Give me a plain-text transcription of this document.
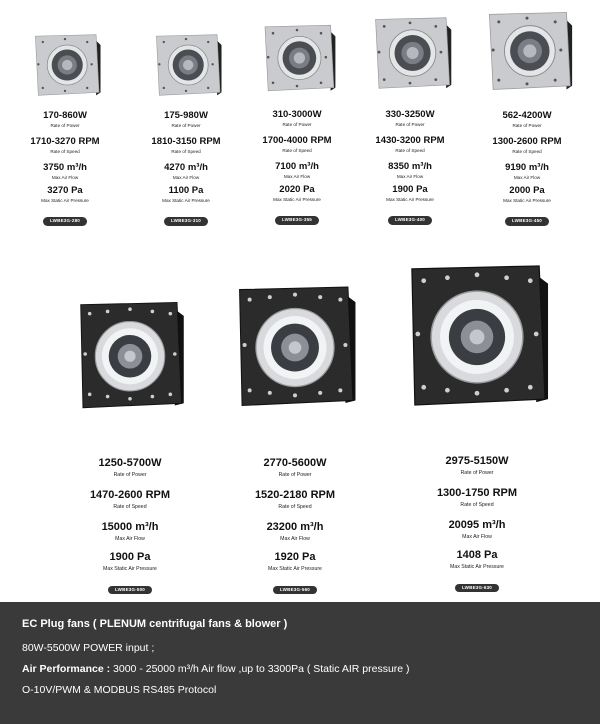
170-860W

Rate of Power

1710-3270 RPM

Rate of Speed

3750 m³/h

Max Air Flow

3270 Pa

Max Static Air Pressure

LWBE3G-280

175-980W

Rate of Power

1810-3150 RPM

Rate of Speed

4270 m³/h

Max Air Flow

1100 Pa

Max Static Air Pressure

LWBE3G-310

310-3000W

Rate of Power

1700-4000 RPM

Rate of Speed

7100 m³/h

Max Air Flow

2020 Pa

Max Static Air Pressure

LWBE3G-355

330-3250W

Rate of Power

1430-3200 RPM

Rate of Speed

8350 m³/h

Max Air Flow

1900 Pa

Max Static Air Pressure

LWBE3G-400

562-4200W

Rate of Power

1300-2600 RPM

Rate of Speed

9190 m³/h

Max Air Flow

2000 Pa

Max Static Air Pressure

LWBE3G-450

1250-5700W

Rate of Power

1470-2600 RPM

Rate of Speed

15000 m³/h

Max Air Flow

1900 Pa

Max Static Air Pressure

LWBE3G-500

2770-5600W

Rate of Power

1520-2180 RPM

Rate of Speed

23200 m³/h

Max Air Flow

1920 Pa

Max Static Air Pressure

LWBE3G-560

2975-5150W

Rate of Power

1300-1750 RPM

Rate of Speed

20095 m³/h

Max Air Flow

1408 Pa

Max Static Air Pressure

LWBE3G-630

EC Plug fans ( PLENUM centrifugal fans & blower )

80W-5500W POWER input ;

Air Performance : 3000 - 25000 m³/h Air flow ,up to 3300Pa ( Static AIR pressure )

O-10V/PWM & MODBUS RS485 Protocol
